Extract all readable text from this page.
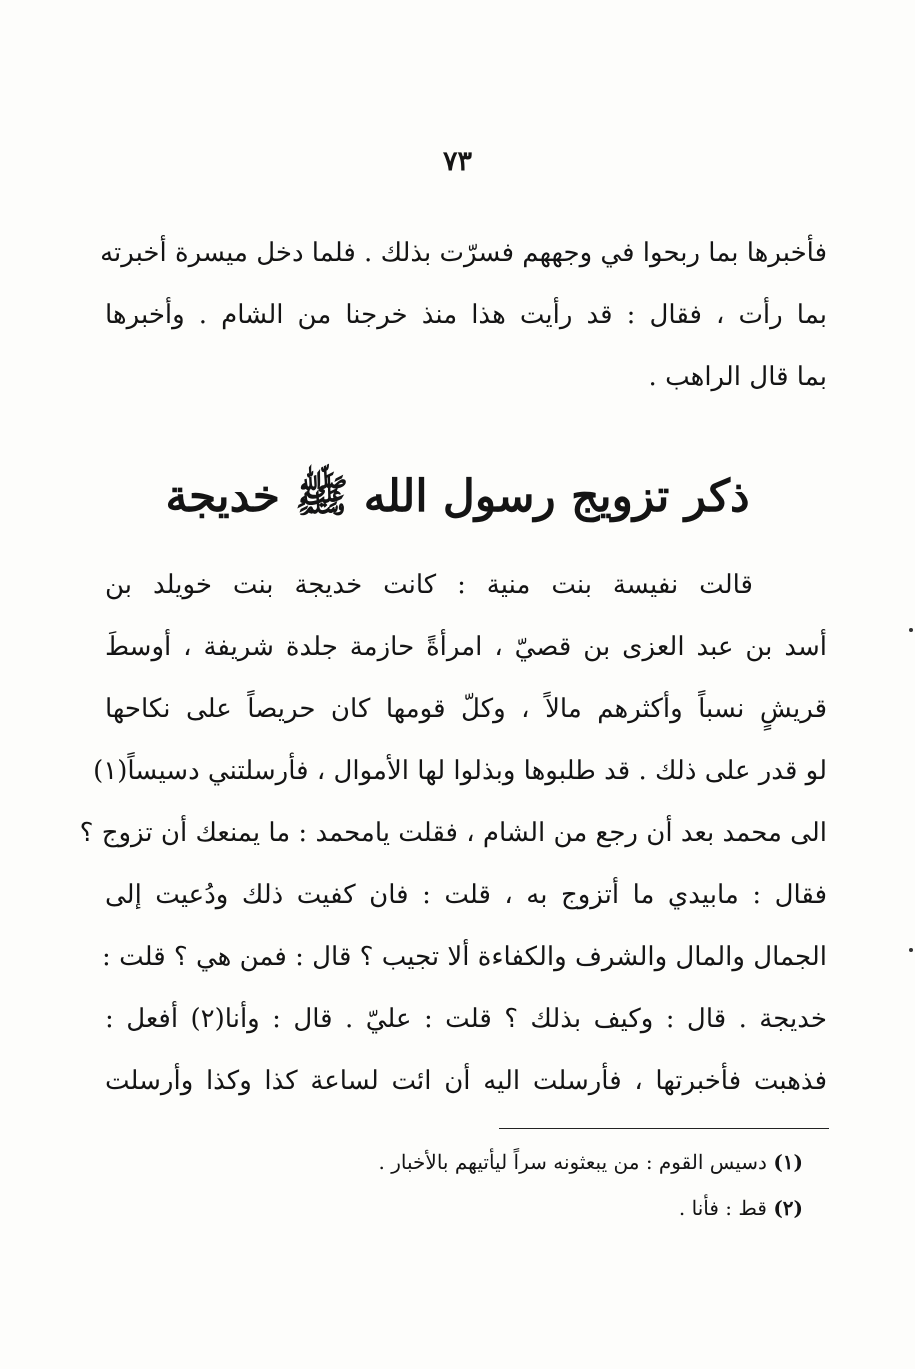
٧٣
فأخبرها بما ربحوا في وجههم فسرّت بذلك . فلما دخل ميسرة أخبرته
بما رأت ، فقال : قد رأيت هذا منذ خرجنا من الشام . وأخبرها
بما قال الراهب .
ذكر تزويج رسول الله ﷺ خديجة
قالت نفيسة بنت منية : كانت خديجة بنت خويلد بن
أسد بن عبد العزى بن قصيّ ، امرأةً حازمة جلدة شريفة ، أوسطَ
قريشٍ نسباً وأكثرهم مالاً ، وكلّ قومها كان حريصاً على نكاحها
لو قدر على ذلك . قد طلبوها وبذلوا لها الأموال ، فأرسلتني دسيساً(١)
الى محمد بعد أن رجع من الشام ، فقلت يامحمد : ما يمنعك أن تزوج ؟
فقال : مابيدي ما أتزوج به ، قلت : فان كفيت ذلك ودُعيت إلى
الجمال والمال والشرف والكفاءة ألا تجيب ؟ قال : فمن هي ؟ قلت :
خديجة . قال : وكيف بذلك ؟ قلت : عليّ . قال : وأنا(٢) أفعل :
فذهبت فأخبرتها ، فأرسلت اليه أن ائت لساعة كذا وكذا وأرسلت
(١) دسيس القوم : من يبعثونه سراً ليأتيهم بالأخبار .
(٢) قط : فأنا .
